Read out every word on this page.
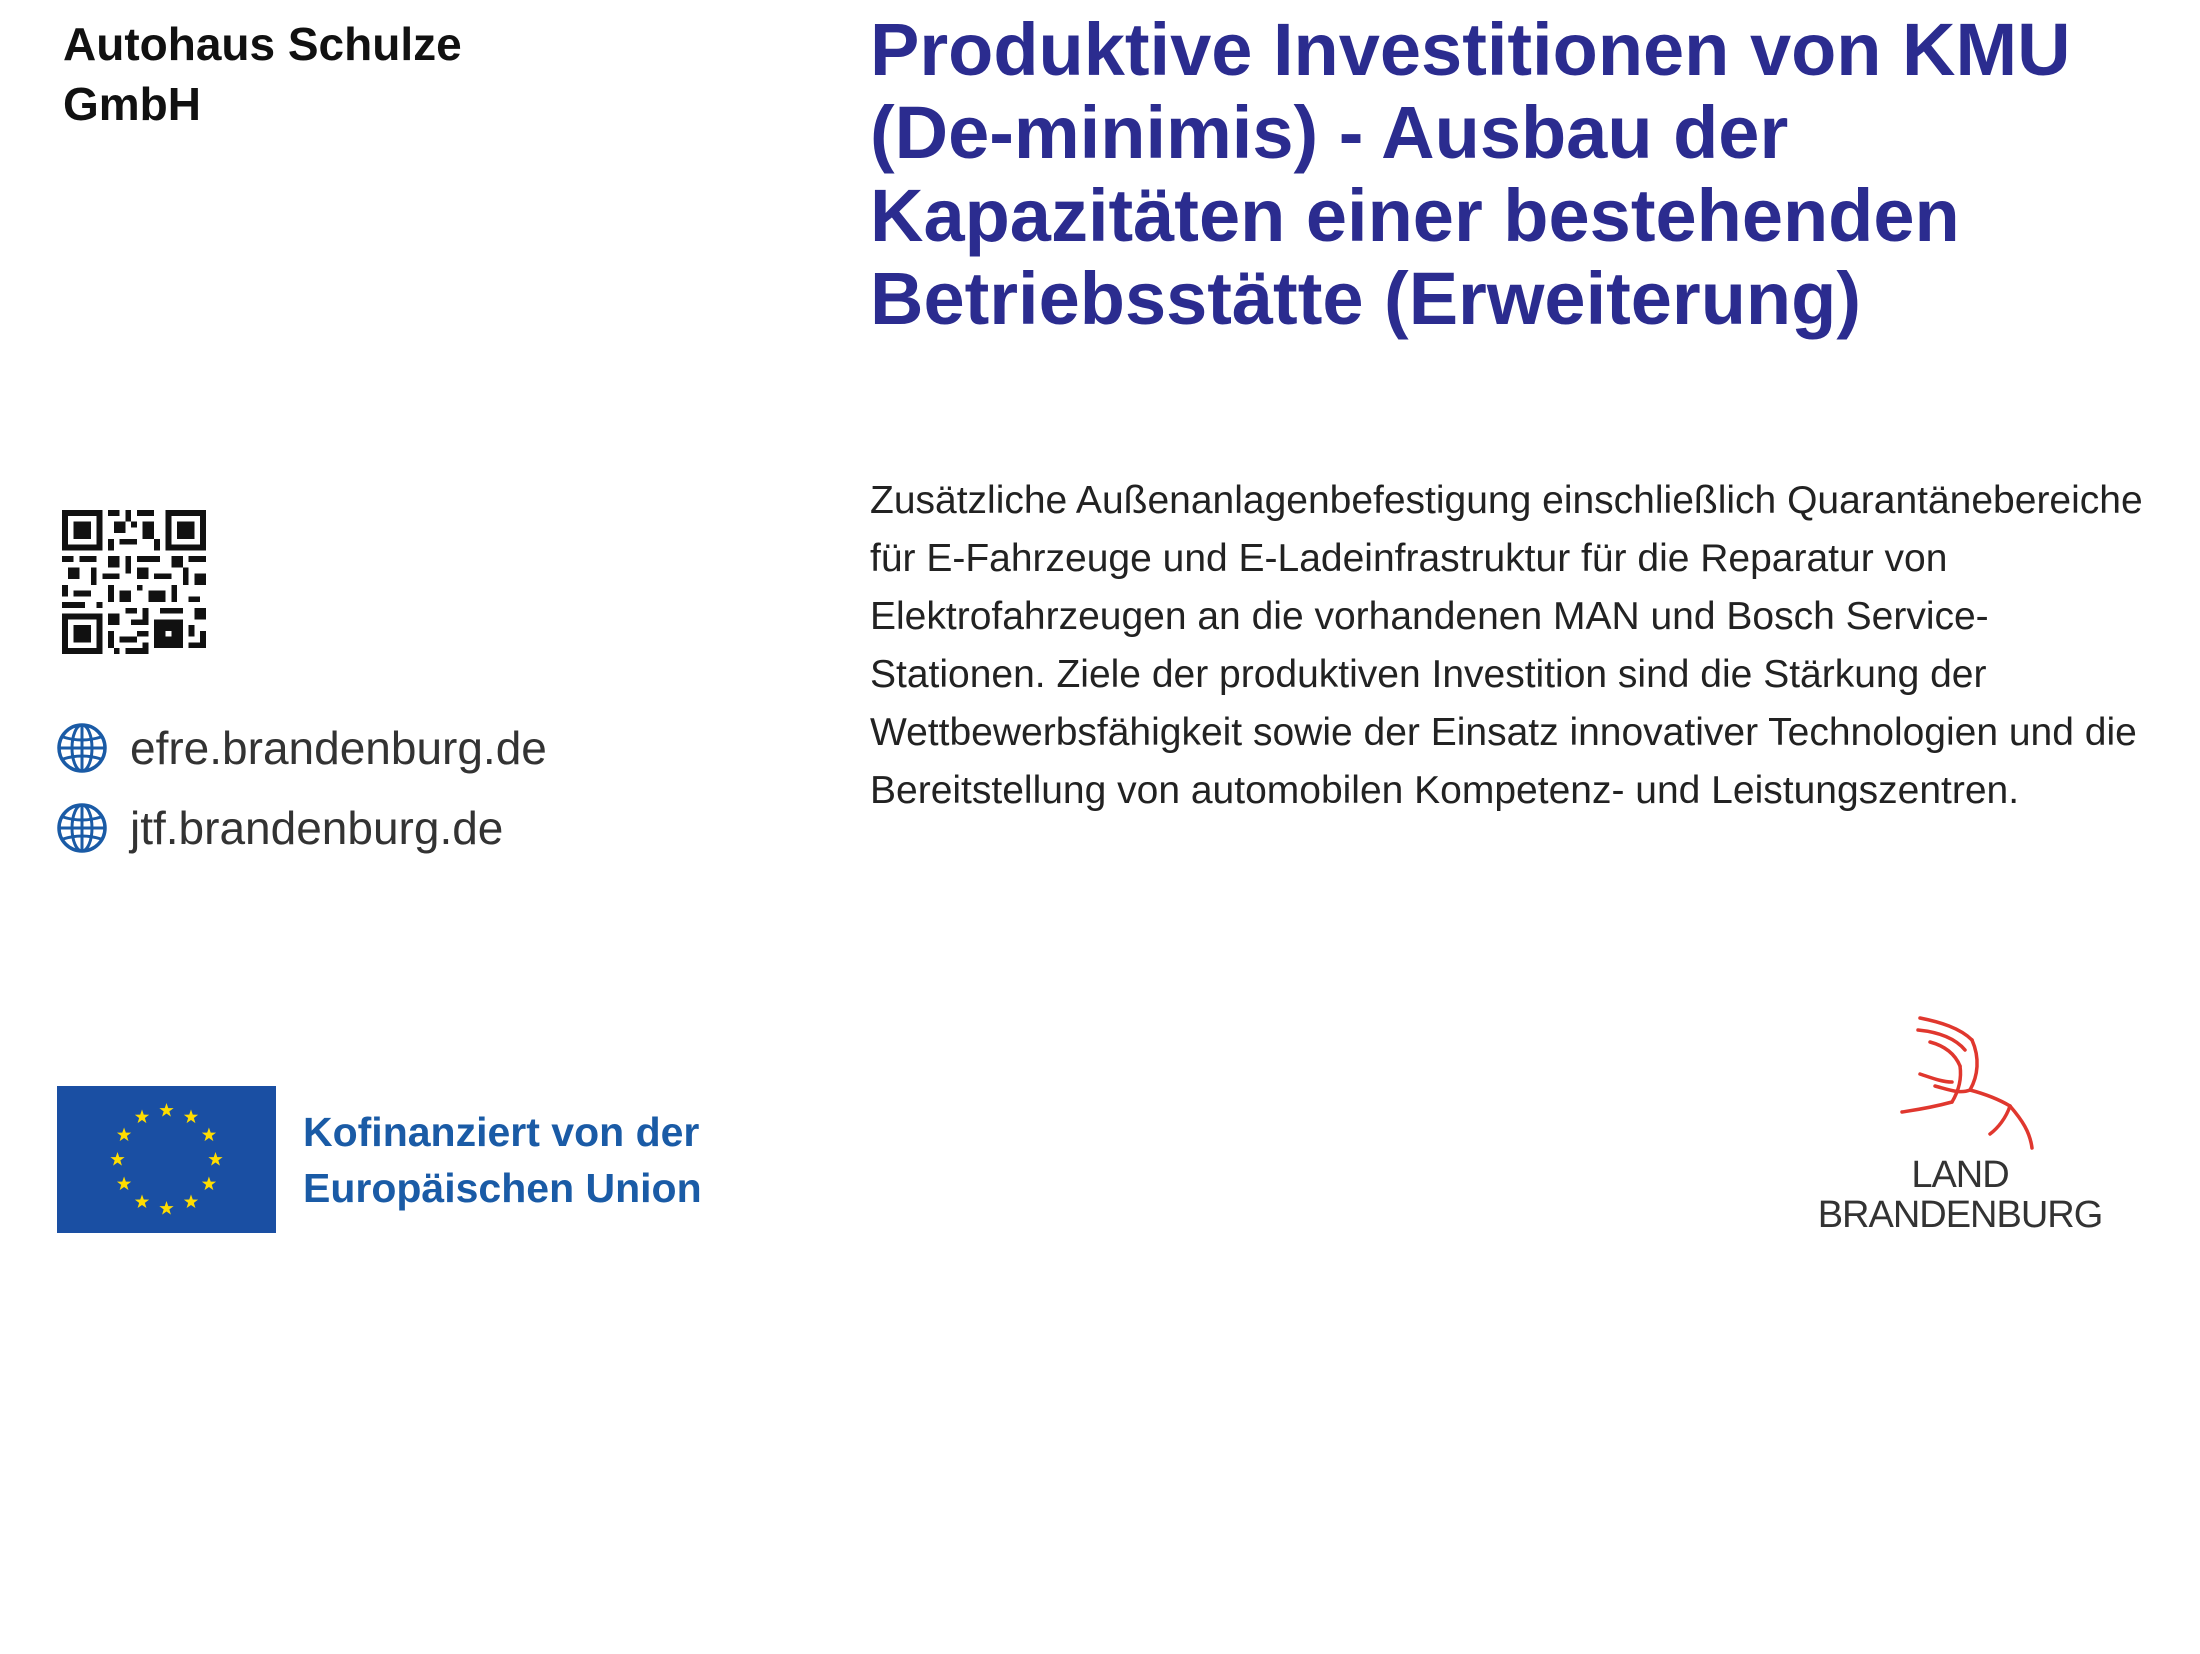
Autohaus Schulze
GmbH
Produktive Investitionen von KMU (De-minimis) - Ausbau der Kapazitäten einer bestehenden Betriebsstätte (Erweiterung)

Zusätzliche Außenanlagenbefestigung einschließlich Quarantänebereiche für E-Fahrzeuge und E-Ladeinfrastruktur für die Reparatur von Elektrofahrzeugen an die vorhandenen MAN und Bosch Service-Stationen. Ziele der produktiven Investition sind die Stärkung der Wettbewerbsfähigkeit sowie der Einsatz innovativer Technologien und die Bereitstellung von automobilen Kompetenz- und Leistungszentren.

efre.brandenburg.de
jtf.brandenburg.de
Kofinanziert von der
Europäischen Union	LAND
BRANDENBURG
